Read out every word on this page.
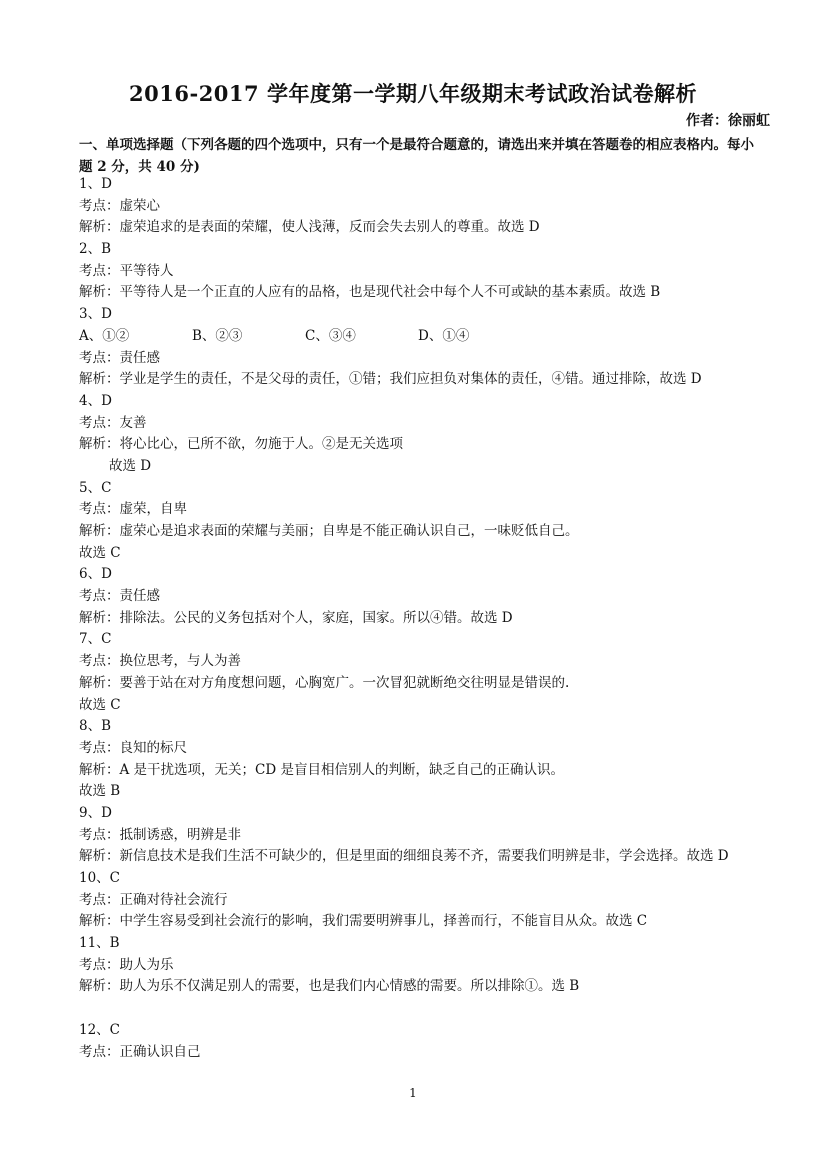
2016-2017 学年度第一学期八年级期末考试政治试卷解析
作者：徐丽虹
一、单项选择题（下列各题的四个选项中，只有一个是最符合题意的，请选出来并填在答题卷的相应表格内。每小题 2 分，共 40 分)
1、D
考点：虚荣心
解析：虚荣追求的是表面的荣耀，使人浅薄，反而会失去别人的尊重。故选 D
2、B
考点：平等待人
解析：平等待人是一个正直的人应有的品格，也是现代社会中每个人不可或缺的基本素质。故选 B
3、D
A、①②	B、②③	C、③④	D、①④
考点：责任感
解析：学业是学生的责任，不是父母的责任，①错；我们应担负对集体的责任，④错。通过排除，故选 D
4、D
考点：友善
解析：将心比心，已所不欲，勿施于人。②是无关选项
故选 D
5、C
考点：虚荣，自卑
解析：虚荣心是追求表面的荣耀与美丽；自卑是不能正确认识自己，一味贬低自己。
故选 C
6、D
考点：责任感
解析：排除法。公民的义务包括对个人，家庭，国家。所以④错。故选 D
7、C
考点：换位思考，与人为善
解析：要善于站在对方角度想问题，心胸宽广。一次冒犯就断绝交往明显是错误的.
故选 C
8、B
考点：良知的标尺
解析：A 是干扰选项，无关；CD 是盲目相信别人的判断，缺乏自己的正确认识。
故选 B
9、D
考点：抵制诱惑，明辨是非
解析：新信息技术是我们生活不可缺少的，但是里面的细细良莠不齐，需要我们明辨是非，学会选择。故选 D
10、C
考点：正确对待社会流行
解析：中学生容易受到社会流行的影响，我们需要明辨事儿，择善而行，不能盲目从众。故选 C
11、B
考点：助人为乐
解析：助人为乐不仅满足别人的需要，也是我们内心情感的需要。所以排除①。选 B
12、C
考点：正确认识自己
1
